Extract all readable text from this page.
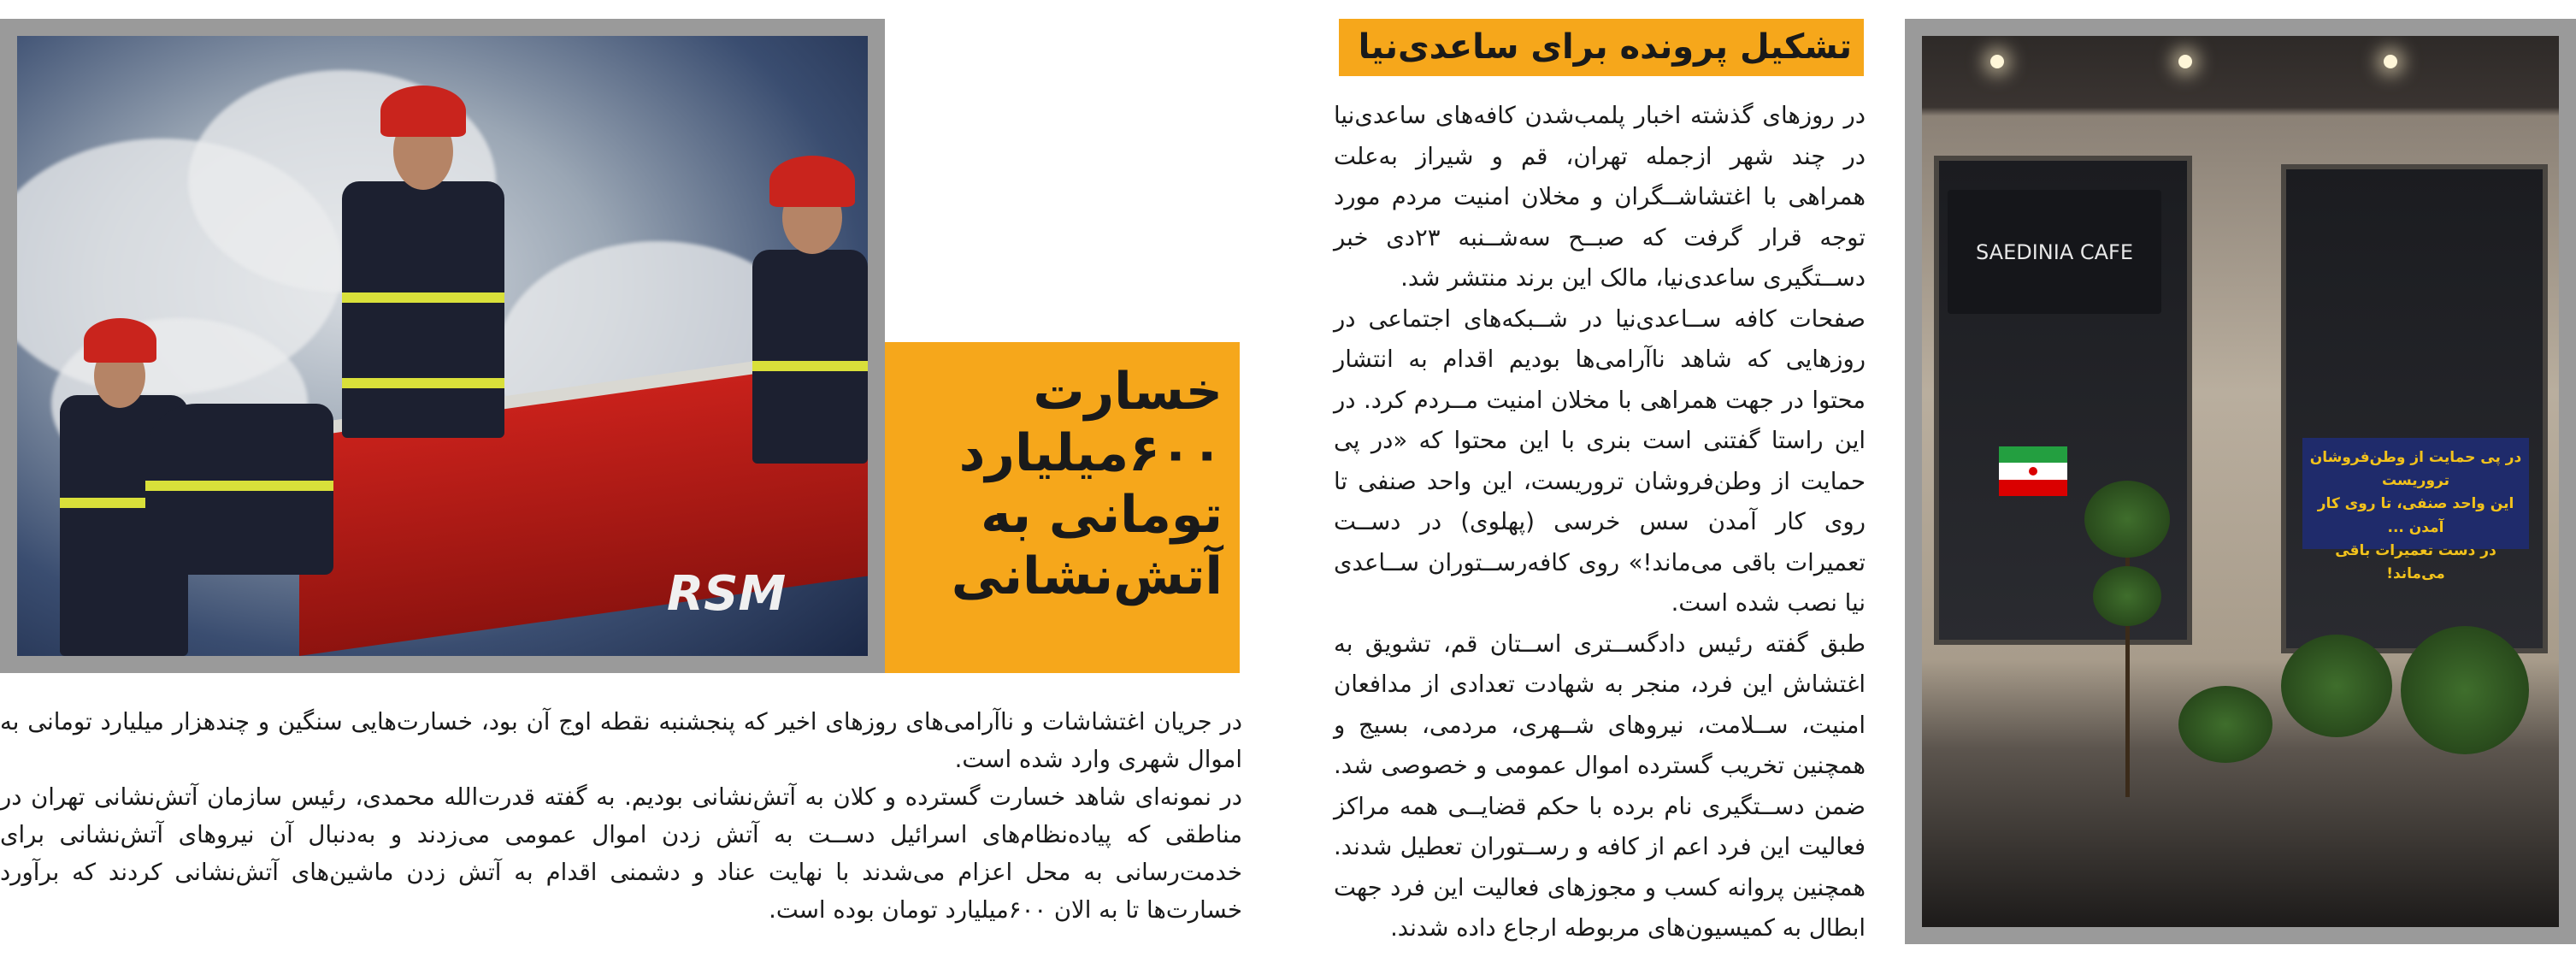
SAEDINIA CAFE
در پی حمایت از وطن‌فروشان تروریست
این واحد صنفی، تا روی کار آمدن ...
در دست تعمیرات باقی می‌ماند!
تشکیل پرونده برای ساعدی‌نیا

در روزهای گذشته اخبار پلمب‌شدن کافه‌های ساعدی‌نیا در چند شهر ازجمله تهران، قم و شیراز به‌علت همراهی با اغتشاشــگران و مخلان امنیت مردم مورد توجه قرار گرفت که صبــح سه‌شــنبه ۲۳دی خبر دســتگیری ساعدی‌نیا، مالک این برند منتشر شد.

صفحات کافه ســاعدی‌نیا در شــبکه‌های اجتماعی در روزهایی که شاهد ناآرامی‌ها بودیم اقدام به انتشار محتوا در جهت همراهی با مخلان امنیت مــردم کرد. در این راستا گفتنی است بنری با این محتوا که «در پی حمایت از وطن‌فروشان تروریست، این واحد صنفی تا روی کار آمدن سس خرسی (پهلوی) در دســت تعمیرات باقی می‌ماند!» روی کافه‌رســتوران ســاعدی نیا نصب شده است.

طبق گفته رئیس دادگســتری اســتان قم، تشویق به اغتشاش این فرد، منجر به شهادت تعدادی از مدافعان امنیت، ســلامت، نیروهای شــهری، مردمی، بسیج و همچنین تخریب گسترده اموال عمومی و خصوصی شد. ضمن دســتگیری نام برده با حکم قضایــی همه مراکز فعالیت این فرد اعم از کافه و رســتوران تعطیل شدند. همچنین پروانه کسب و مجوزهای فعالیت این فرد جهت ابطال به کمیسیون‌های مربوطه ارجاع داده شدند.

RSM
خسارت
۶۰۰میلیارد
تومانی به
آتش‌نشانی

در جریان اغتشاشات و ناآرامی‌های روزهای اخیر که پنجشنبه نقطه اوج آن بود، خسارت‌هایی سنگین و چندهزار میلیارد تومانی به اموال شهری وارد شده است.

در نمونه‌ای شاهد خسارت گسترده و کلان به آتش‌نشانی بودیم. به گفته قدرت‌الله محمدی، رئیس سازمان آتش‌نشانی تهران در مناطقی که پیاده‌نظام‌های اسرائیل دســت به آتش زدن اموال عمومی می‌زدند و به‌دنبال آن نیروهای آتش‌نشانی برای خدمت‌رسانی به محل اعزام می‌شدند با نهایت عناد و دشمنی اقدام به آتش زدن ماشین‌های آتش‌نشانی کردند که برآورد خسارت‌ها تا به الان ۶۰۰میلیارد تومان بوده است.
